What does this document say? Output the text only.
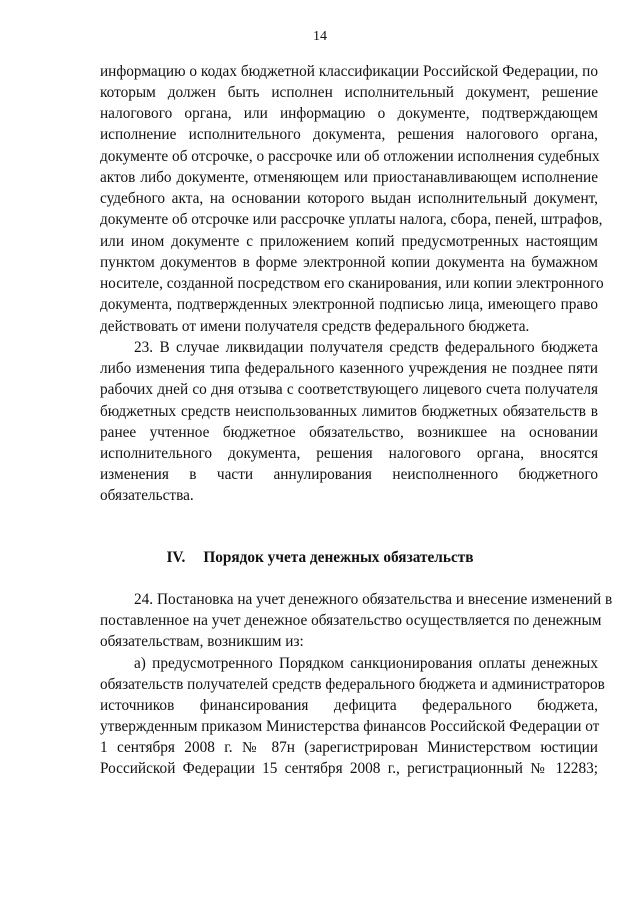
14
информацию о кодах бюджетной классификации Российской Федерации, по
которым должен быть исполнен исполнительный документ, решение
налогового органа, или информацию о документе, подтверждающем
исполнение исполнительного документа, решения налогового органа,
документе об отсрочке, о рассрочке или об отложении исполнения судебных
актов либо документе, отменяющем или приостанавливающем исполнение
судебного акта, на основании которого выдан исполнительный документ,
документе об отсрочке или рассрочке уплаты налога, сбора, пеней, штрафов,
или ином документе с приложением копий предусмотренных настоящим
пунктом документов в форме электронной копии документа на бумажном
носителе, созданной посредством его сканирования, или копии электронного
документа, подтвержденных электронной подписью лица, имеющего право
действовать от имени получателя средств федерального бюджета.
23. В случае ликвидации получателя средств федерального бюджета
либо изменения типа федерального казенного учреждения не позднее пяти
рабочих дней со дня отзыва с соответствующего лицевого счета получателя
бюджетных средств неиспользованных лимитов бюджетных обязательств в
ранее учтенное бюджетное обязательство, возникшее на основании
исполнительного документа, решения налогового органа, вносятся
изменения в части аннулирования неисполненного бюджетного
обязательства.
IV. Порядок учета денежных обязательств
24. Постановка на учет денежного обязательства и внесение изменений в
поставленное на учет денежное обязательство осуществляется по денежным
обязательствам, возникшим из:
а) предусмотренного Порядком санкционирования оплаты денежных
обязательств получателей средств федерального бюджета и администраторов
источников финансирования дефицита федерального бюджета,
утвержденным приказом Министерства финансов Российской Федерации от
1 сентября 2008 г. № 87н (зарегистрирован Министерством юстиции
Российской Федерации 15 сентября 2008 г., регистрационный № 12283;
